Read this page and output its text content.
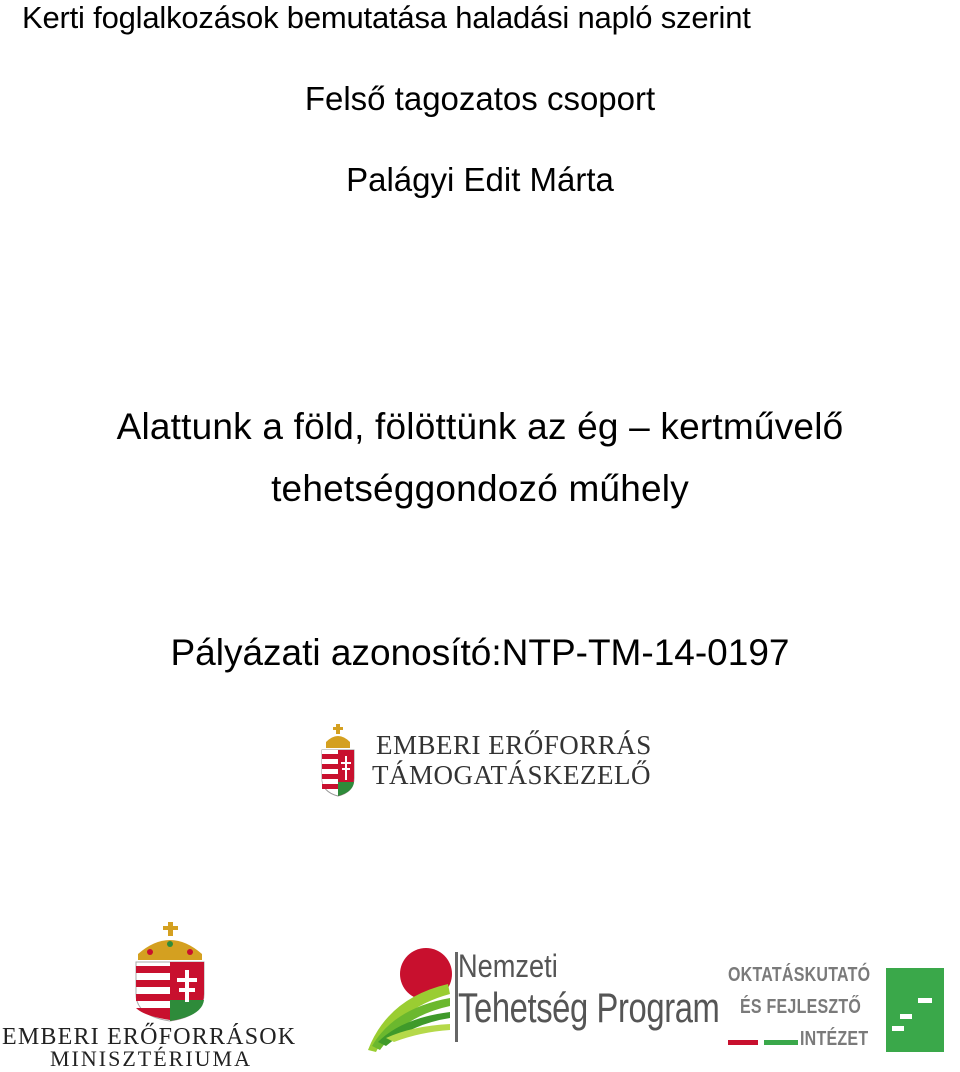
Kerti foglalkozások bemutatása haladási napló szerint
Felső tagozatos csoport
Palágyi Edit Márta
Alattunk a föld, fölöttünk az ég – kertművelő
tehetséggondozó műhely
Pályázati azonosító:NTP-TM-14-0197
EMBERI ERŐFORRÁS
TÁMOGATÁSKEZELŐ
EMBERI ERŐFORRÁSOK
MINISZTÉRIUMA
Nemzeti
Tehetség Program
OKTATÁSKUTATÓ
ÉS FEJLESZTŐ
INTÉZET
